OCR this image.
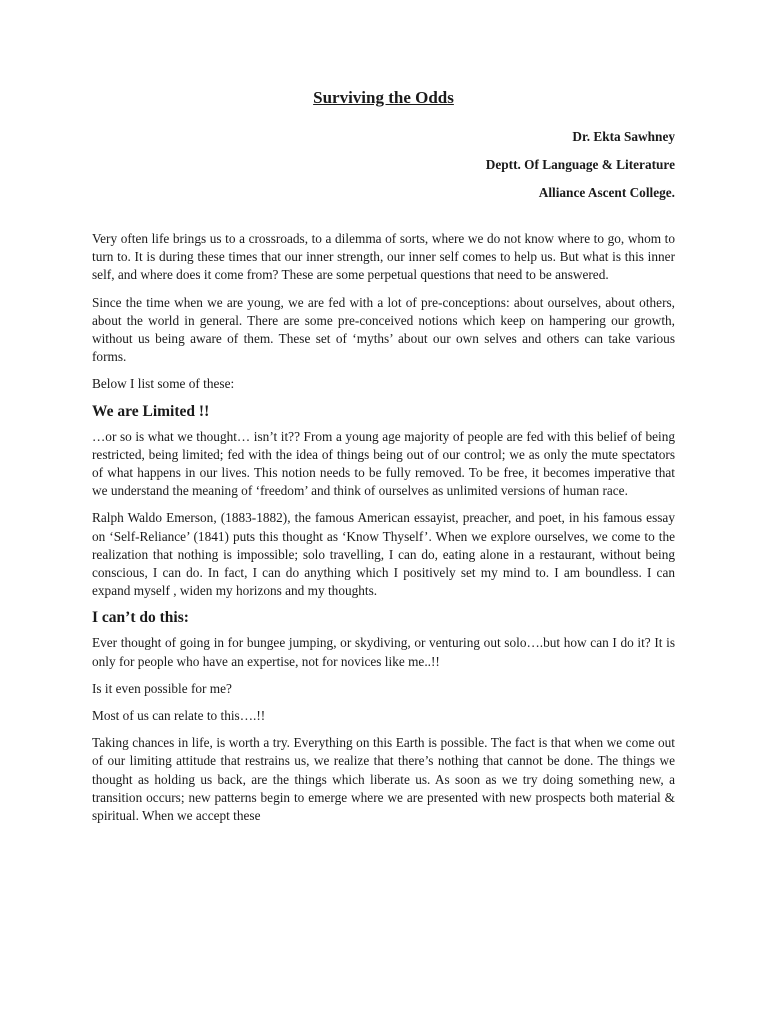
Surviving the Odds
Dr. Ekta Sawhney
Deptt. Of Language & Literature
Alliance Ascent College.

Very often life brings us to a crossroads, to a dilemma of sorts, where we do not know where to go, whom to turn to. It is during these times that our inner strength, our inner self comes to help us. But what is this inner self, and where does it come from? These are some perpetual questions that need to be answered.

Since the time when we are young, we are fed with a lot of pre-conceptions: about ourselves, about others, about the world in general. There are some pre-conceived notions which keep on hampering our growth, without us being aware of them. These set of ‘myths’ about our own selves and others can take various forms.

Below I list some of these:

We are Limited !!

…or so is what we thought… isn’t it?? From a young age majority of people are fed with this belief of being restricted, being limited; fed with the idea of things being out of our control; we as only the mute spectators of what happens in our lives. This notion needs to be fully removed. To be free, it becomes imperative that we understand the meaning of ‘freedom’ and think of ourselves as unlimited versions of human race.

Ralph Waldo Emerson, (1883-1882), the famous American essayist, preacher, and poet, in his famous essay on ‘Self-Reliance’ (1841) puts this thought as ‘Know Thyself’. When we explore ourselves, we come to the realization that nothing is impossible; solo travelling, I can do, eating alone in a restaurant, without being conscious, I can do. In fact, I can do anything which I positively set my mind to. I am boundless. I can expand myself , widen my horizons and my thoughts.

I can’t do this:

Ever thought of going in for bungee jumping, or skydiving, or venturing out solo….but how can I do it? It is only for people who have an expertise, not for novices like me..!!

Is it even possible for me?

Most of us can relate to this….!!

Taking chances in life, is worth a try. Everything on this Earth is possible. The fact is that when we come out of our limiting attitude that restrains us, we realize that there’s nothing that cannot be done. The things we thought as holding us back, are the things which liberate us. As soon as we try doing something new, a transition occurs; new patterns begin to emerge where we are presented with new prospects both material & spiritual. When we accept these
